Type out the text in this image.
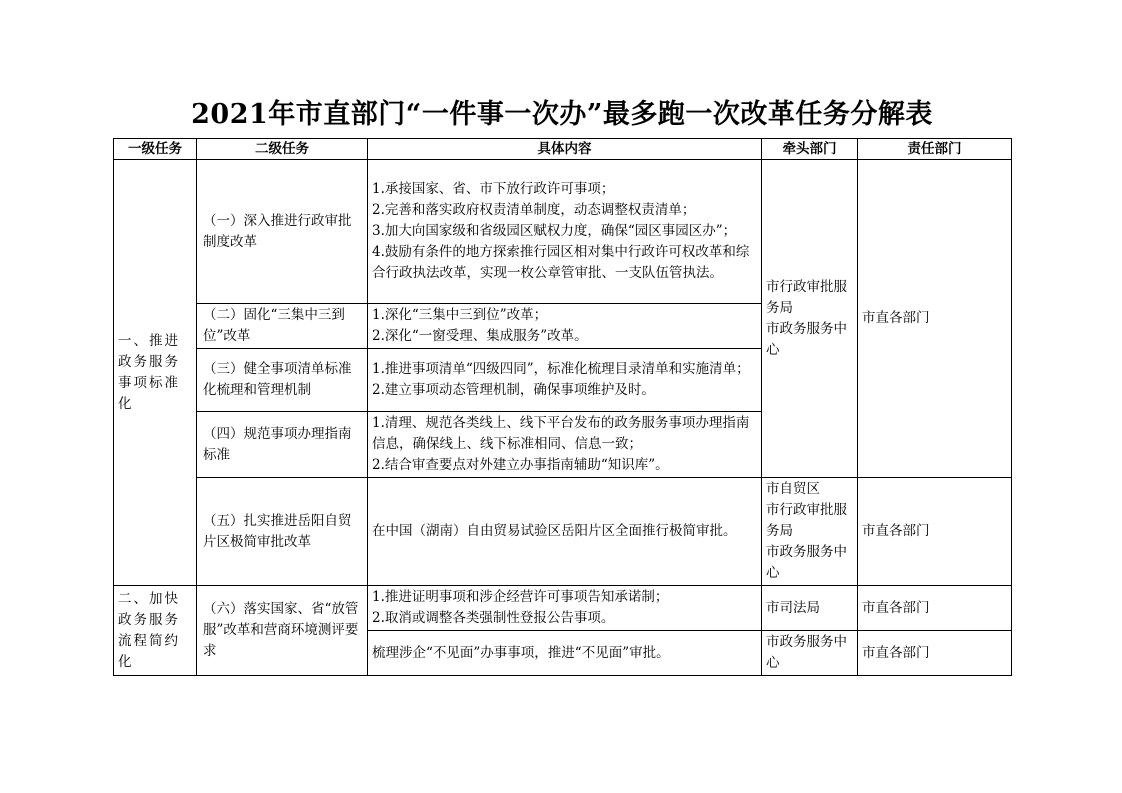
2021年市直部门“一件事一次办”最多跑一次改革任务分解表
一级任务	二级任务	具体内容	牵头部门	责任部门
一、推进政务服务事项标准化	（一）深入推进行政审批制度改革	1.承接国家、省、市下放行政许可事项；
2.完善和落实政府权责清单制度，动态调整权责清单；
3.加大向国家级和省级园区赋权力度，确保“园区事园区办”；
4.鼓励有条件的地方探索推行园区相对集中行政许可权改革和综合行政执法改革，实现一枚公章管审批、一支队伍管执法。	市行政审批服务局
市政务服务中心	市直各部门
	（二）固化“三集中三到位”改革	1.深化“三集中三到位”改革；
2.深化“一窗受理、集成服务”改革。		

	（三）健全事项清单标准化梳理和管理机制	1.推进事项清单“四级四同”，标准化梳理目录清单和实施清单；
2.建立事项动态管理机制，确保事项维护及时。		

	（四）规范事项办理指南标准	1.清理、规范各类线上、线下平台发布的政务服务事项办理指南信息，确保线上、线下标准相同、信息一致；
2.结合审查要点对外建立办事指南辅助“知识库”。		

	（五）扎实推进岳阳自贸片区极简审批改革	在中国（湖南）自由贸易试验区岳阳片区全面推行极简审批。	市自贸区
市行政审批服务局
市政务服务中心	市直各部门
二、加快政务服务流程简约化	（六）落实国家、省“放管服”改革和营商环境测评要求	1.推进证明事项和涉企经营许可事项告知承诺制；
2.取消或调整各类强制性登报公告事项。	市司法局	市直各部门

		梳理涉企“不见面”办事事项，推进“不见面”审批。	市政务服务中心	市直各部门
